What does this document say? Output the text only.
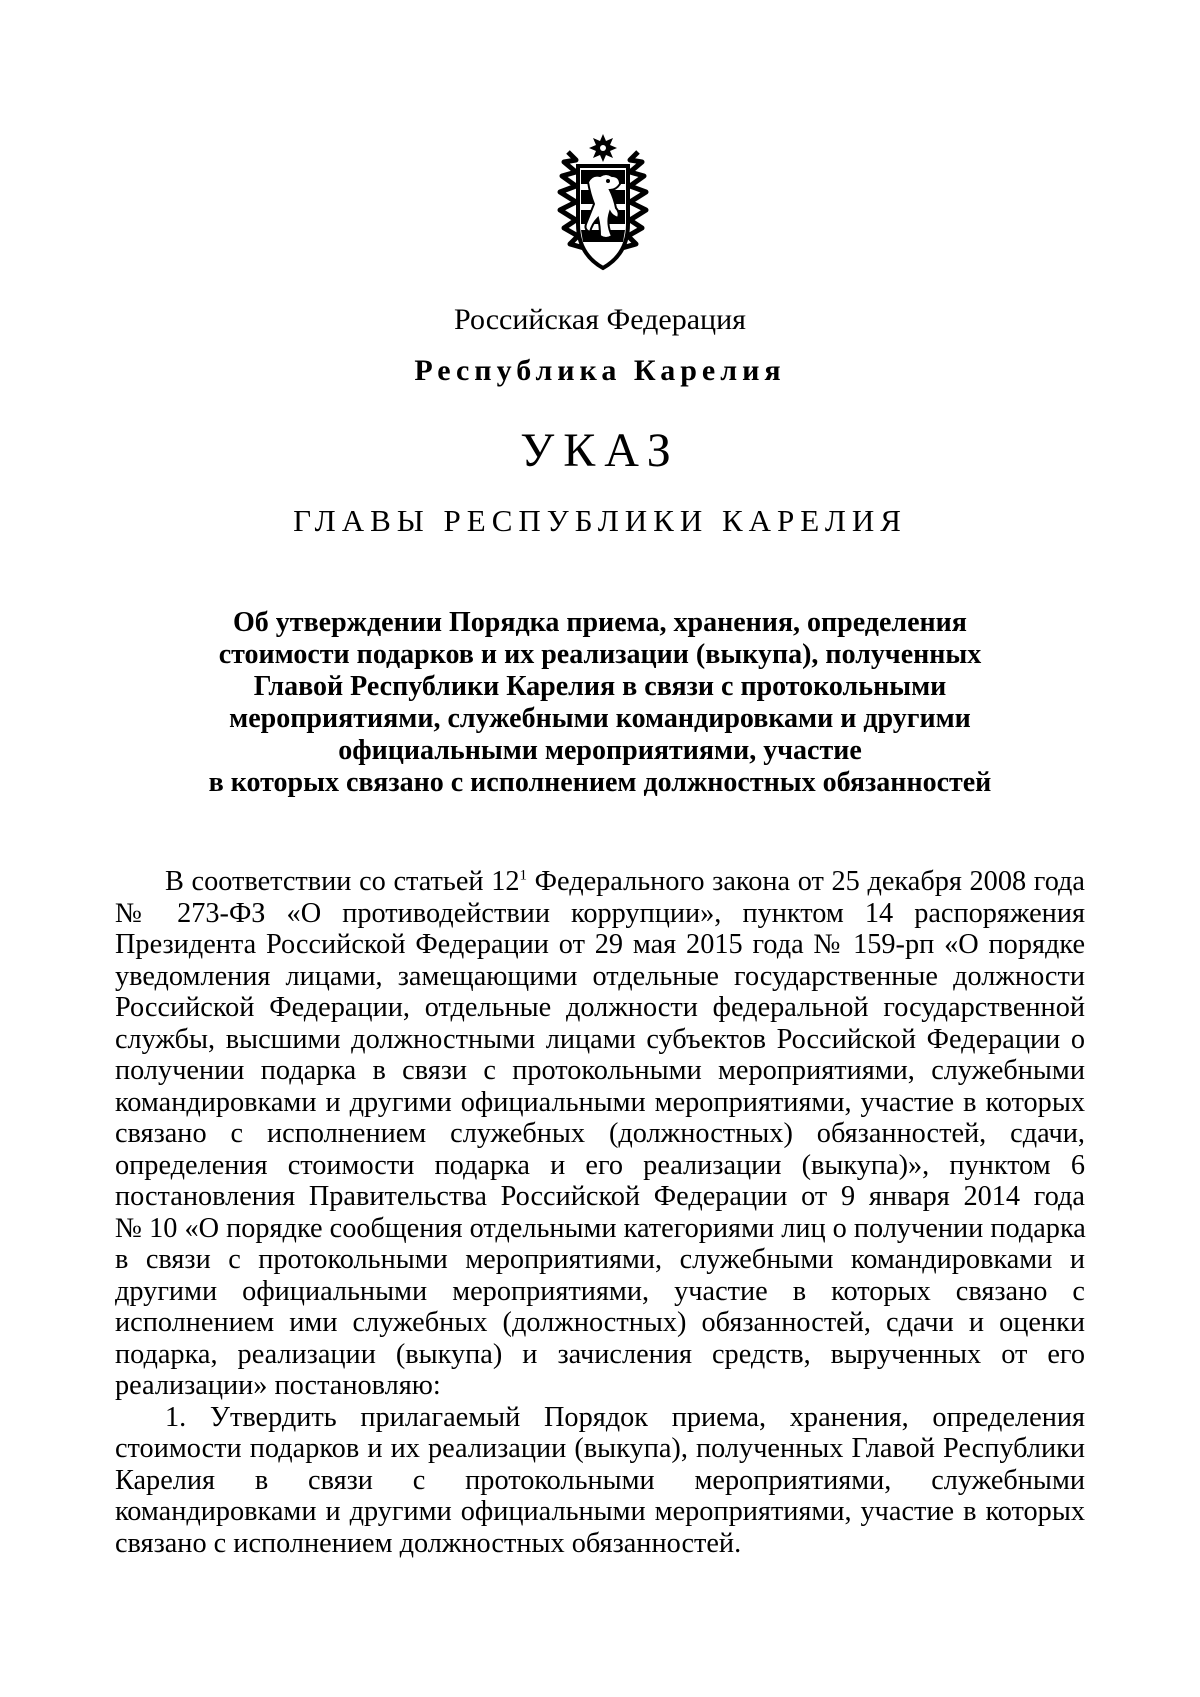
Российская Федерация
Республика Карелия
УКАЗ
ГЛАВЫ РЕСПУБЛИКИ КАРЕЛИЯ
Об утверждении Порядка приема, хранения, определения
стоимости подарков и их реализации (выкупа), полученных
Главой Республики Карелия в связи с протокольными
мероприятиями, служебными командировками и другими
официальными мероприятиями, участие
в которых связано с исполнением должностных обязанностей
В соответствии со статьей $12^1$ Федерального закона от 25 декабря 2008 года
№ 273-ФЗ «О противодействии коррупции», пунктом 14 распоряжения
Президента Российской Федерации от 29 мая 2015 года № 159-рп «О порядке
уведомления лицами, замещающими отдельные государственные должности
Российской Федерации, отдельные должности федеральной государственной
службы, высшими должностными лицами субъектов Российской Федерации о
получении подарка в связи с протокольными мероприятиями, служебными
командировками и другими официальными мероприятиями, участие в которых
связано с исполнением служебных (должностных) обязанностей, сдачи,
определения стоимости подарка и его реализации (выкупа)», пунктом 6
постановления Правительства Российской Федерации от 9 января 2014 года
№ 10 «О порядке сообщения отдельными категориями лиц о получении подарка
в связи с протокольными мероприятиями, служебными командировками и
другими официальными мероприятиями, участие в которых связано с
исполнением ими служебных (должностных) обязанностей, сдачи и оценки
подарка, реализации (выкупа) и зачисления средств, вырученных от его
реализации» постановляю:
1. Утвердить прилагаемый Порядок приема, хранения, определения
стоимости подарков и их реализации (выкупа), полученных Главой Республики
Карелия в связи с протокольными мероприятиями, служебными
командировками и другими официальными мероприятиями, участие в которых
связано с исполнением должностных обязанностей.
